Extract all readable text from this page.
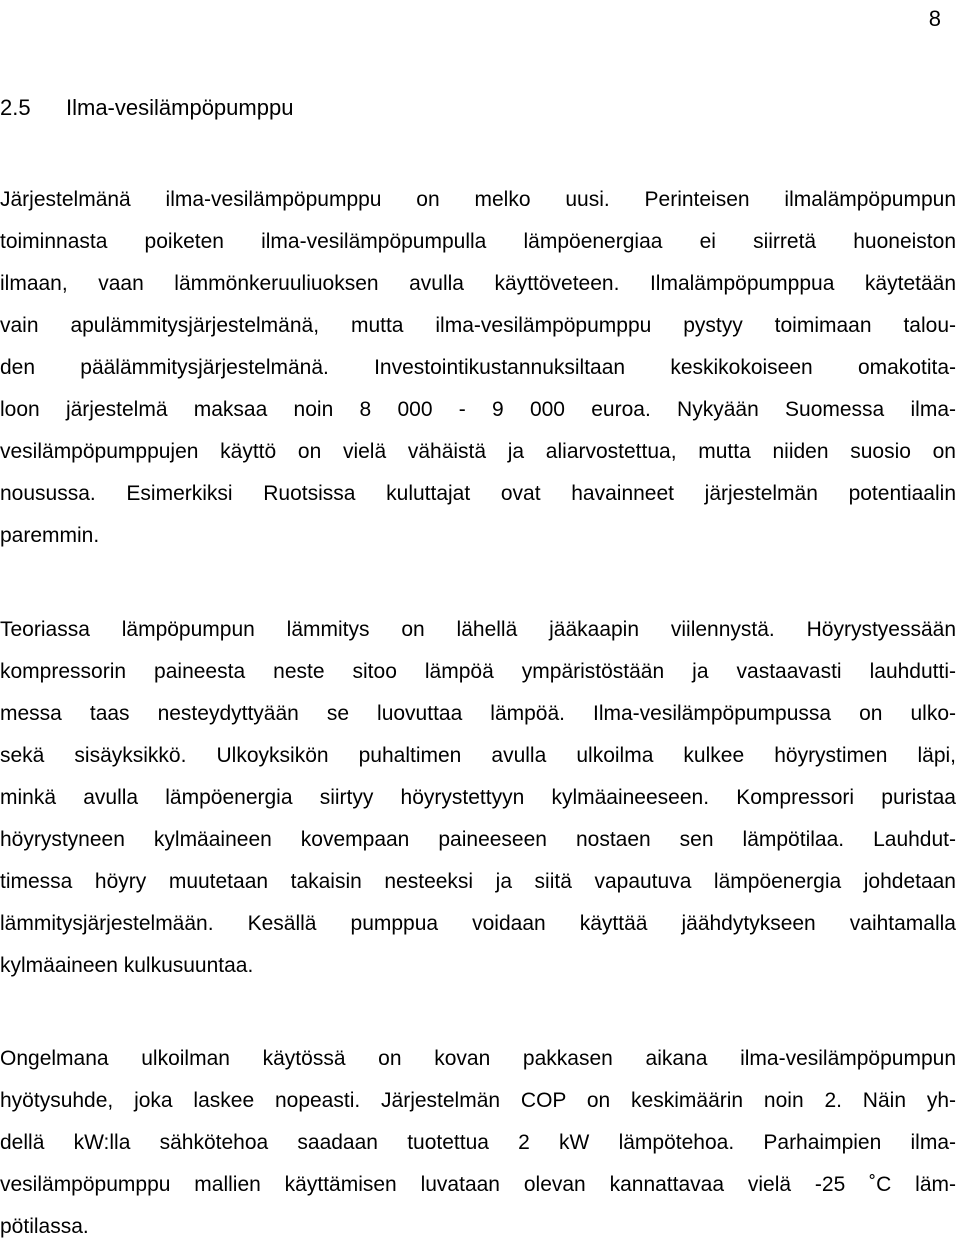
8
2.5 Ilma-vesilämpöpumppu
Järjestelmänä ilma-vesilämpöpumppu on melko uusi. Perinteisen ilmalämpöpumpun
toiminnasta poiketen ilma-vesilämpöpumpulla lämpöenergiaa ei siirretä huoneiston
ilmaan, vaan lämmönkeruuliuoksen avulla käyttöveteen. Ilmalämpöpumppua käytetään
vain apulämmitysjärjestelmänä, mutta ilma-vesilämpöpumppu pystyy toimimaan talou-
den päälämmitysjärjestelmänä. Investointikustannuksiltaan keskikokoiseen omakotita-
loon järjestelmä maksaa noin 8 000 - 9 000 euroa. Nykyään Suomessa ilma-
vesilämpöpumppujen käyttö on vielä vähäistä ja aliarvostettua, mutta niiden suosio on
nousussa. Esimerkiksi Ruotsissa kuluttajat ovat havainneet järjestelmän potentiaalin
paremmin.
Teoriassa lämpöpumpun lämmitys on lähellä jääkaapin viilennystä. Höyrystyessään
kompressorin paineesta neste sitoo lämpöä ympäristöstään ja vastaavasti lauhdutti-
messa taas nesteydyttyään se luovuttaa lämpöä. Ilma-vesilämpöpumpussa on ulko-
sekä sisäyksikkö. Ulkoyksikön puhaltimen avulla ulkoilma kulkee höyrystimen läpi,
minkä avulla lämpöenergia siirtyy höyrystettyyn kylmäaineeseen. Kompressori puristaa
höyrystyneen kylmäaineen kovempaan paineeseen nostaen sen lämpötilaa. Lauhdut-
timessa höyry muutetaan takaisin nesteeksi ja siitä vapautuva lämpöenergia johdetaan
lämmitysjärjestelmään. Kesällä pumppua voidaan käyttää jäähdytykseen vaihtamalla
kylmäaineen kulkusuuntaa.
Ongelmana ulkoilman käytössä on kovan pakkasen aikana ilma-vesilämpöpumpun
hyötysuhde, joka laskee nopeasti. Järjestelmän COP on keskimäärin noin 2. Näin yh-
dellä kW:lla sähkötehoa saadaan tuotettua 2 kW lämpötehoa. Parhaimpien ilma-
vesilämpöpumppu mallien käyttämisen luvataan olevan kannattavaa vielä -25 ˚C läm-
pötilassa.
